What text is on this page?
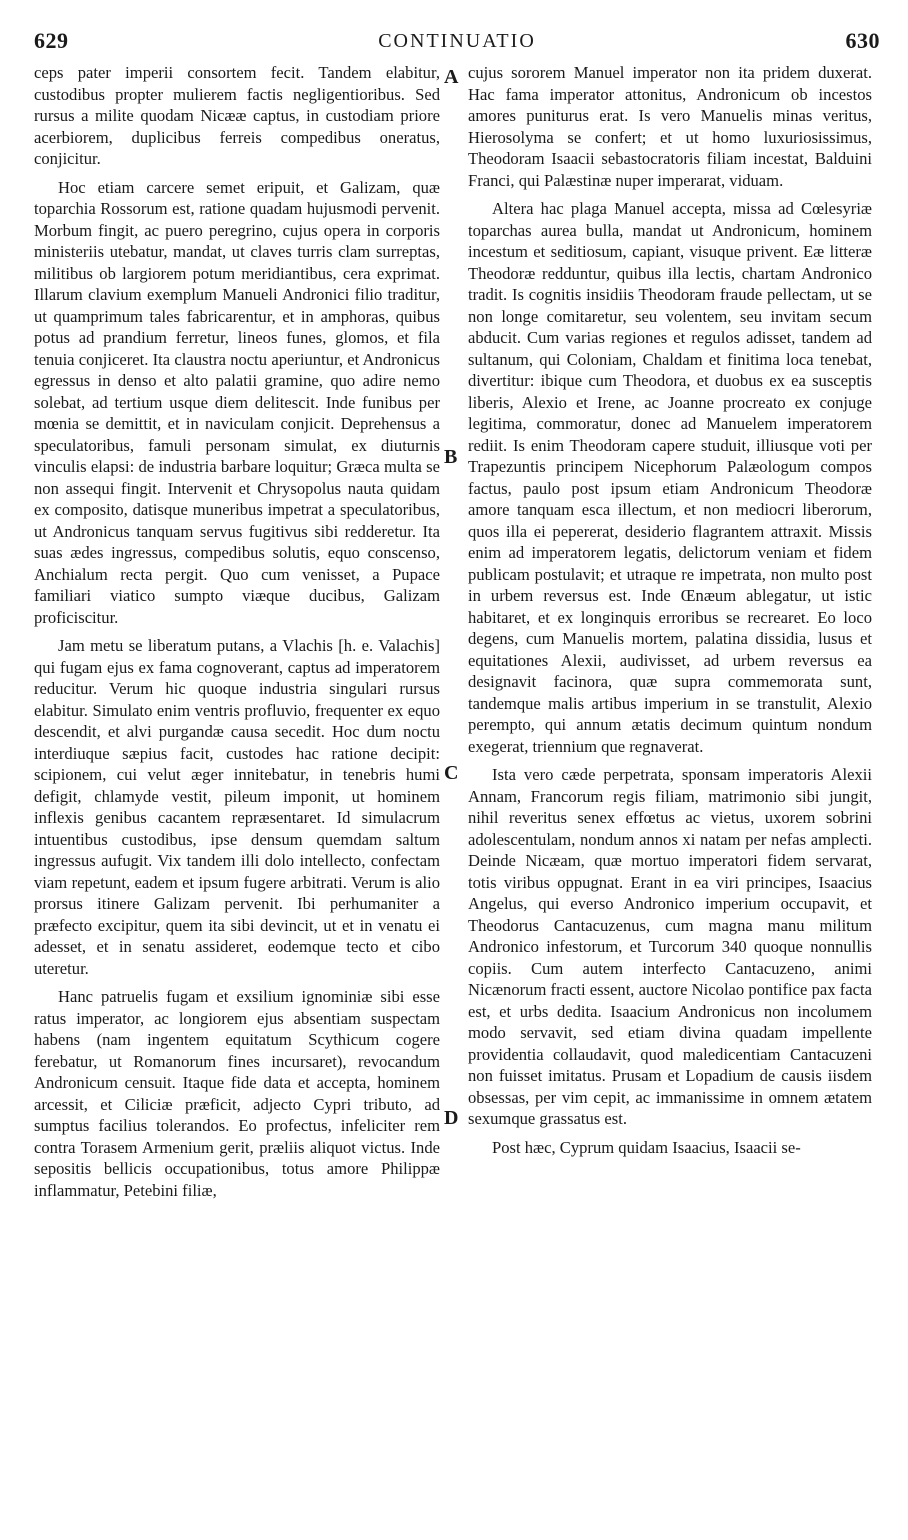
629	CONTINUATIO	630
A
B
C
D

ceps pater imperii consortem fecit. Tandem elabitur, custodibus propter mulierem factis negligentioribus. Sed rursus a milite quodam Nicææ captus, in custodiam priore acerbiorem, duplicibus ferreis compedibus oneratus, conjicitur.

Hoc etiam carcere semet eripuit, et Galizam, quæ toparchia Rossorum est, ratione quadam hujusmodi pervenit. Morbum fingit, ac puero peregrino, cujus opera in corporis ministeriis utebatur, mandat, ut claves turris clam surreptas, militibus ob largiorem potum meridiantibus, cera exprimat. Illarum clavium exemplum Manueli Andronici filio traditur, ut quamprimum tales fabricarentur, et in amphoras, quibus potus ad prandium ferretur, lineos funes, glomos, et fila tenuia conjiceret. Ita claustra noctu aperiuntur, et Andronicus egressus in denso et alto palatii gramine, quo adire nemo solebat, ad tertium usque diem delitescit. Inde funibus per mœnia se demittit, et in naviculam conjicit. Deprehensus a speculatoribus, famuli personam simulat, ex diuturnis vinculis elapsi: de industria barbare loquitur; Græca multa se non assequi fingit. Intervenit et Chrysopolus nauta quidam ex composito, datisque muneribus impetrat a speculatoribus, ut Andronicus tanquam servus fugitivus sibi redderetur. Ita suas ædes ingressus, compedibus solutis, equo conscenso, Anchialum recta pergit. Quo cum venisset, a Pupace familiari viatico sumpto viæque ducibus, Galizam proficiscitur.

Jam metu se liberatum putans, a Vlachis [h. e. Valachis] qui fugam ejus ex fama cognoverant, captus ad imperatorem reducitur. Verum hic quoque industria singulari rursus elabitur. Simulato enim ventris profluvio, frequenter ex equo descendit, et alvi purgandæ causa secedit. Hoc dum noctu interdiuque sæpius facit, custodes hac ratione decipit: scipionem, cui velut æger innitebatur, in tenebris humi defigit, chlamyde vestit, pileum imponit, ut hominem inflexis genibus cacantem repræsentaret. Id simulacrum intuentibus custodibus, ipse densum quemdam saltum ingressus aufugit. Vix tandem illi dolo intellecto, confectam viam repetunt, eadem et ipsum fugere arbitrati. Verum is alio prorsus itinere Galizam pervenit. Ibi perhumaniter a præfecto excipitur, quem ita sibi devincit, ut et in venatu ei adesset, et in senatu assideret, eodemque tecto et cibo uteretur.

Hanc patruelis fugam et exsilium ignominiæ sibi esse ratus imperator, ac longiorem ejus absentiam suspectam habens (nam ingentem equitatum Scythicum cogere ferebatur, ut Romanorum fines incursaret), revocandum Andronicum censuit. Itaque fide data et accepta, hominem arcessit, et Ciliciæ præficit, adjecto Cypri tributo, ad sumptus facilius tolerandos. Eo profectus, infeliciter rem contra Torasem Armenium gerit, præliis aliquot victus. Inde sepositis bellicis occupationibus, totus amore Philippæ inflammatur, Petebini filiæ,

cujus sororem Manuel imperator non ita pridem duxerat. Hac fama imperator attonitus, Andronicum ob incestos amores puniturus erat. Is vero Manuelis minas veritus, Hierosolyma se confert; et ut homo luxuriosissimus, Theodoram Isaacii sebastocratoris filiam incestat, Balduini Franci, qui Palæstinæ nuper imperarat, viduam.

Altera hac plaga Manuel accepta, missa ad Cœlesyriæ toparchas aurea bulla, mandat ut Andronicum, hominem incestum et seditiosum, capiant, visuque privent. Eæ litteræ Theodoræ redduntur, quibus illa lectis, chartam Andronico tradit. Is cognitis insidiis Theodoram fraude pellectam, ut se non longe comitaretur, seu volentem, seu invitam secum abducit. Cum varias regiones et regulos adisset, tandem ad sultanum, qui Coloniam, Chaldam et finitima loca tenebat, divertitur: ibique cum Theodora, et duobus ex ea susceptis liberis, Alexio et Irene, ac Joanne procreato ex conjuge legitima, commoratur, donec ad Manuelem imperatorem rediit. Is enim Theodoram capere studuit, illiusque voti per Trapezuntis principem Nicephorum Palæologum compos factus, paulo post ipsum etiam Andronicum Theodoræ amore tanquam esca illectum, et non mediocri liberorum, quos illa ei pepererat, desiderio flagrantem attraxit. Missis enim ad imperatorem legatis, delictorum veniam et fidem publicam postulavit; et utraque re impetrata, non multo post in urbem reversus est. Inde Œnæum ablegatur, ut istic habitaret, et ex longinquis erroribus se recrearet. Eo loco degens, cum Manuelis mortem, palatina dissidia, lusus et equitationes Alexii, audivisset, ad urbem reversus ea designavit facinora, quæ supra commemorata sunt, tandemque malis artibus imperium in se transtulit, Alexio perempto, qui annum ætatis decimum quintum nondum exegerat, triennium que regnaverat.

Ista vero cæde perpetrata, sponsam imperatoris Alexii Annam, Francorum regis filiam, matrimonio sibi jungit, nihil reveritus senex effœtus ac vietus, uxorem sobrini adolescentulam, nondum annos xi natam per nefas amplecti. Deinde Nicæam, quæ mortuo imperatori fidem servarat, totis viribus oppugnat. Erant in ea viri principes, Isaacius Angelus, qui everso Andronico imperium occupavit, et Theodorus Cantacuzenus, cum magna manu militum Andronico infestorum, et Turcorum 340 quoque nonnullis copiis. Cum autem interfecto Cantacuzeno, animi Nicænorum fracti essent, auctore Nicolao pontifice pax facta est, et urbs dedita. Isaacium Andronicus non incolumem modo servavit, sed etiam divina quadam impellente providentia collaudavit, quod maledicentiam Cantacuzeni non fuisset imitatus. Prusam et Lopadium de causis iisdem obsessas, per vim cepit, ac immanissime in omnem ætatem sexumque grassatus est.

Post hæc, Cyprum quidam Isaacius, Isaacii se-
